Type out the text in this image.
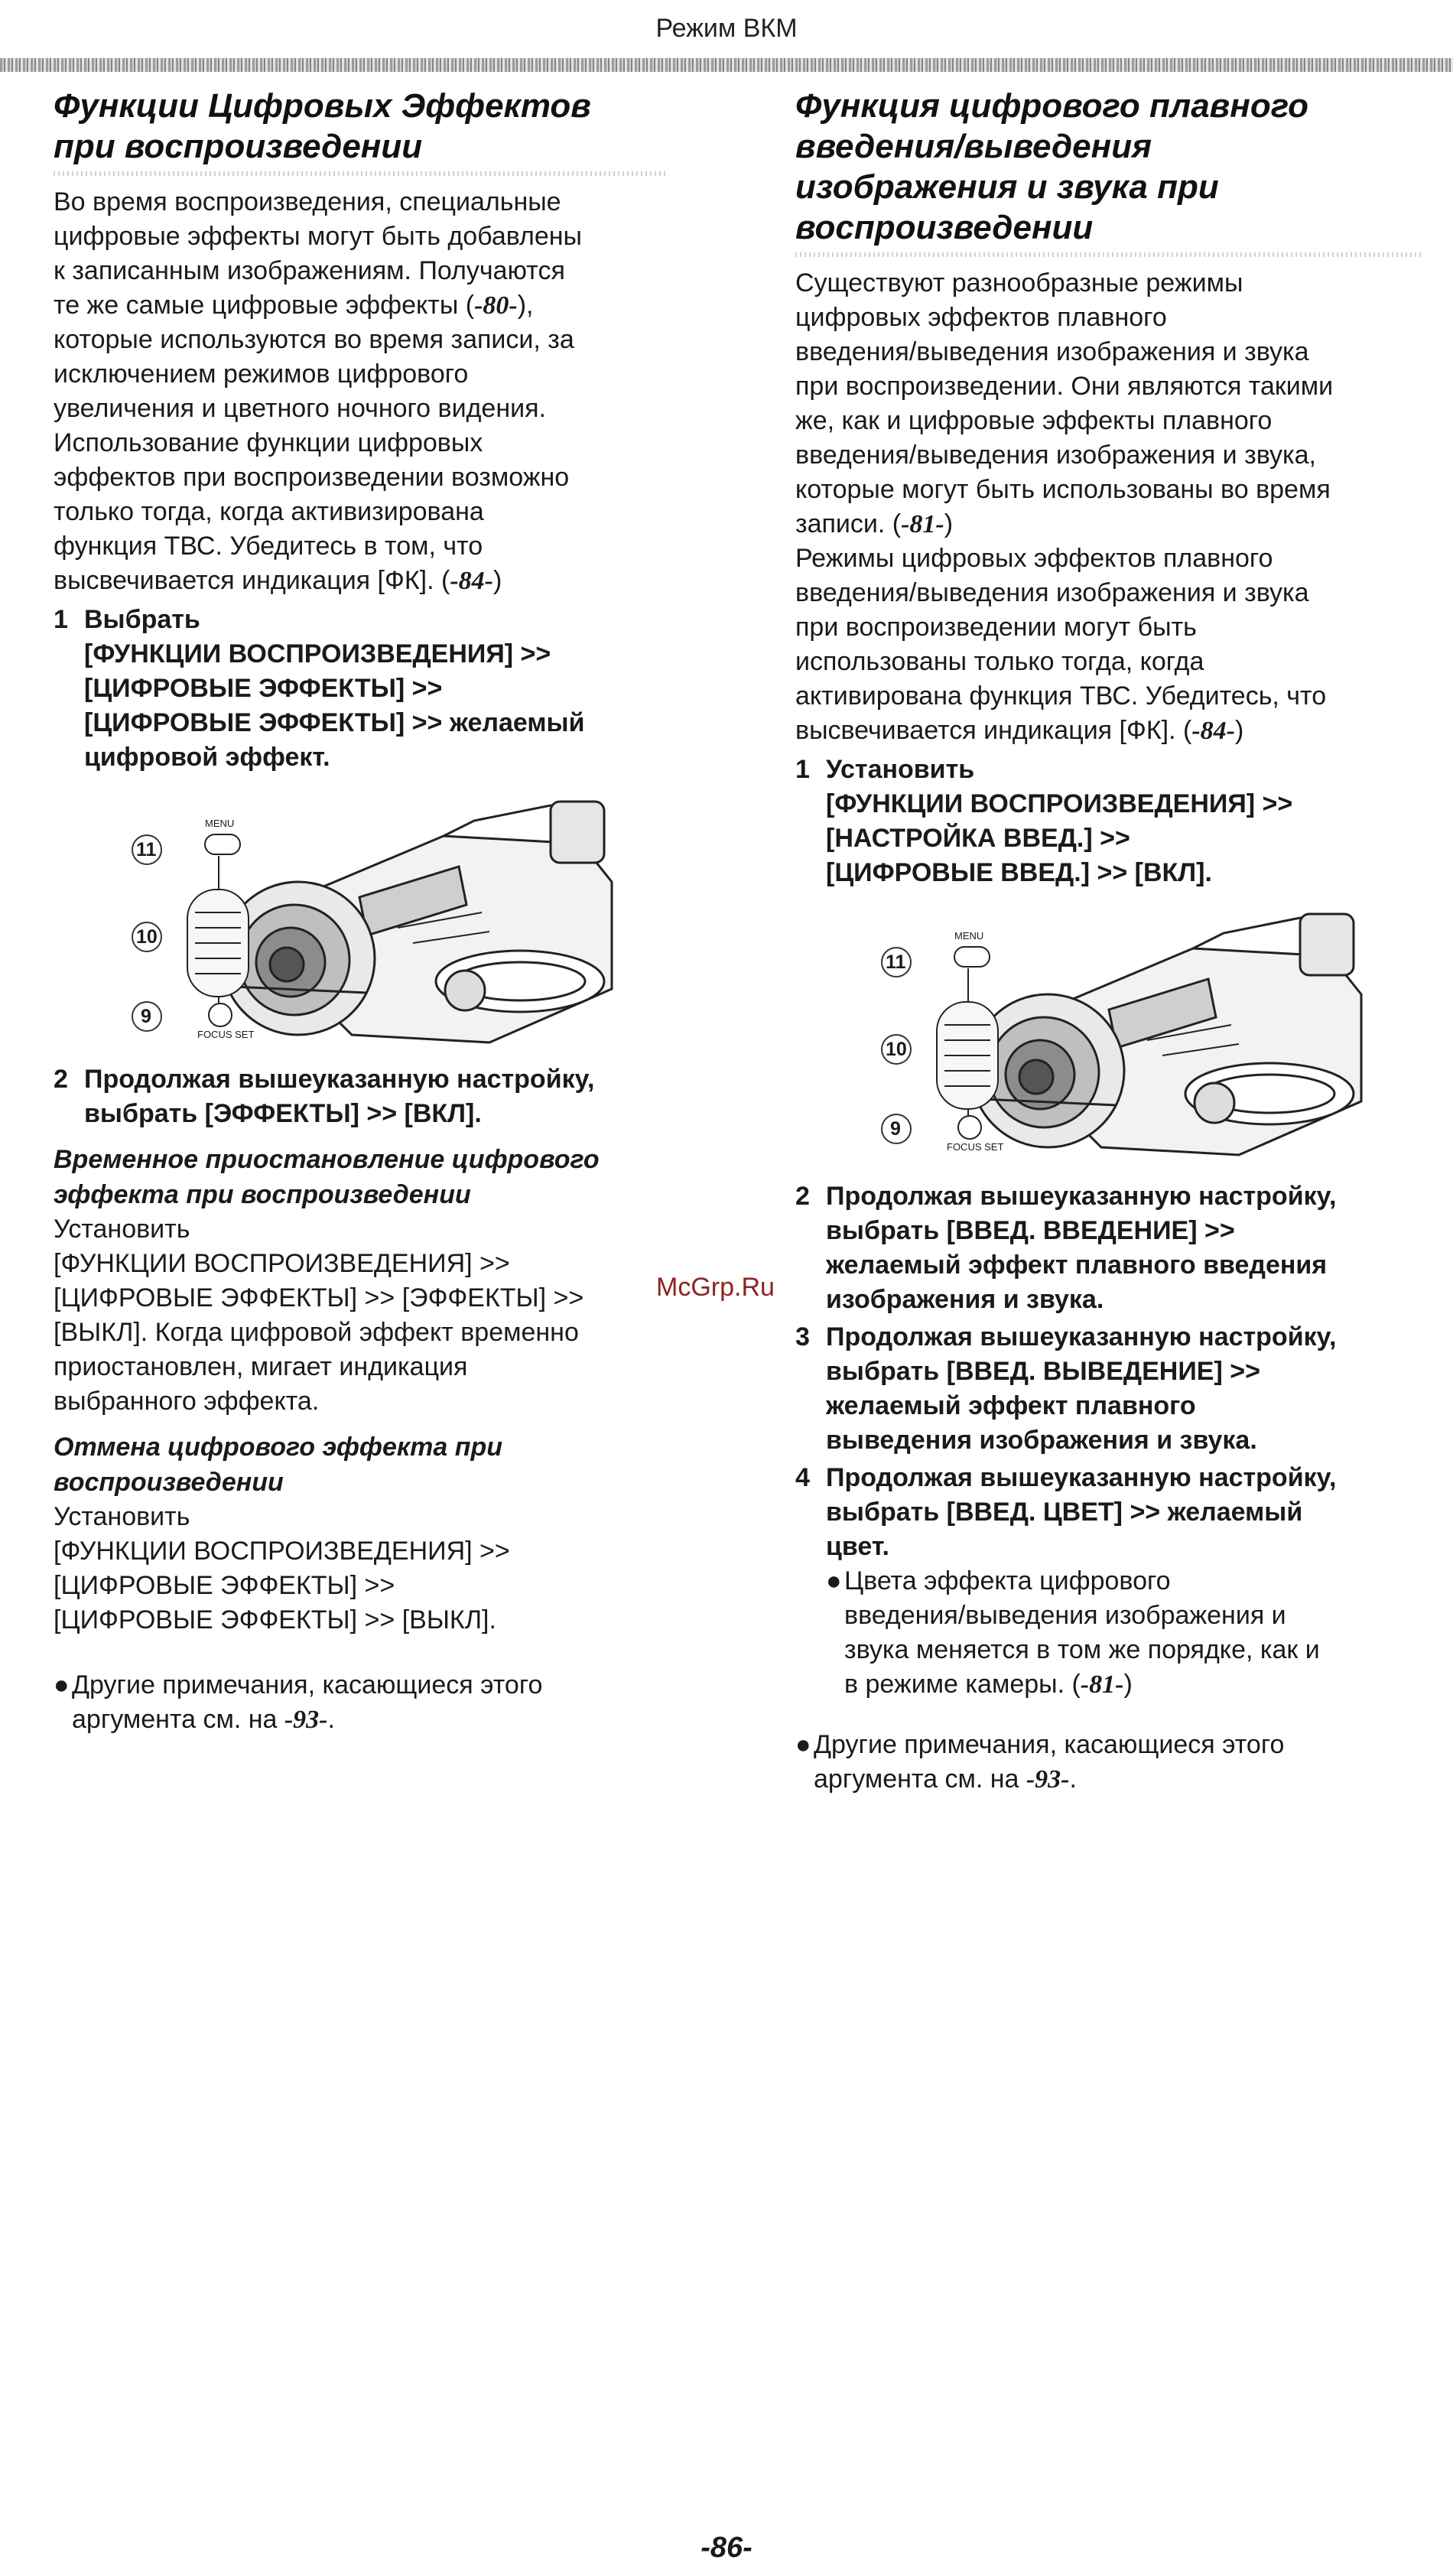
Режим ВКМ
Функции Цифровых Эффектов
при воспроизведении
Во время воспроизведения, специальные
цифровые эффекты могут быть добавлены
к записанным изображениям. Получаются
те же самые цифровые эффекты (-80-),
которые используются во время записи, за
исключением режимов цифрового
увеличения и цветного ночного видения.
Использование функции цифровых
эффектов при воспроизведении возможно
только тогда, когда активизирована
функция ТВС. Убедитесь в том, что
высвечивается индикация [ФК]. (-84-)
1 Выбрать
[ФУНКЦИИ ВОСПРОИЗВЕДЕНИЯ] >>
[ЦИФРОВЫЕ ЭФФЕКТЫ] >>
[ЦИФРОВЫЕ ЭФФЕКТЫ] >> желаемый
цифровой эффект.
11
10
9
MENU
FOCUS SET
2 Продолжая вышеуказанную настройку,
выбрать [ЭФФЕКТЫ] >> [ВКЛ].
Временное приостановление цифрового
эффекта при воспроизведении
Установить
[ФУНКЦИИ ВОСПРОИЗВЕДЕНИЯ] >>
[ЦИФРОВЫЕ ЭФФЕКТЫ] >> [ЭФФЕКТЫ] >>
[ВЫКЛ]. Когда цифровой эффект временно
приостановлен, мигает индикация
выбранного эффекта.
Отмена цифрового эффекта при
воспроизведении
Установить
[ФУНКЦИИ ВОСПРОИЗВЕДЕНИЯ] >>
[ЦИФРОВЫЕ ЭФФЕКТЫ] >>
[ЦИФРОВЫЕ ЭФФЕКТЫ] >> [ВЫКЛ].
● Другие примечания, касающиеся этого
аргумента см. на -93-.
Функция цифрового плавного
введения/выведения
изображения и звука при
воспроизведении
Существуют разнообразные режимы
цифровых эффектов плавного
введения/выведения изображения и звука
при воспроизведении. Они являются такими
же, как и цифровые эффекты плавного
введения/выведения изображения и звука,
которые могут быть использованы во время
записи. (-81-)
Режимы цифровых эффектов плавного
введения/выведения изображения и звука
при воспроизведении могут быть
использованы только тогда, когда
активирована функция ТВС. Убедитесь, что
высвечивается индикация [ФК]. (-84-)
1 Установить
[ФУНКЦИИ ВОСПРОИЗВЕДЕНИЯ] >>
[НАСТРОЙКА ВВЕД.] >>
[ЦИФРОВЫЕ ВВЕД.] >> [ВКЛ].
11
10
9
MENU
FOCUS SET
2 Продолжая вышеуказанную настройку,
выбрать [ВВЕД. ВВЕДЕНИЕ] >>
желаемый эффект плавного введения
изображения и звука.
3 Продолжая вышеуказанную настройку,
выбрать [ВВЕД. ВЫВЕДЕНИЕ] >>
желаемый эффект плавного
выведения изображения и звука.
4 Продолжая вышеуказанную настройку,
выбрать [ВВЕД. ЦВЕТ] >> желаемый
цвет.
● Цвета эффекта цифрового
введения/выведения изображения и
звука меняется в том же порядке, как и
в режиме камеры. (-81-)
● Другие примечания, касающиеся этого
аргумента см. на -93-.
McGrp.Ru
-86-
